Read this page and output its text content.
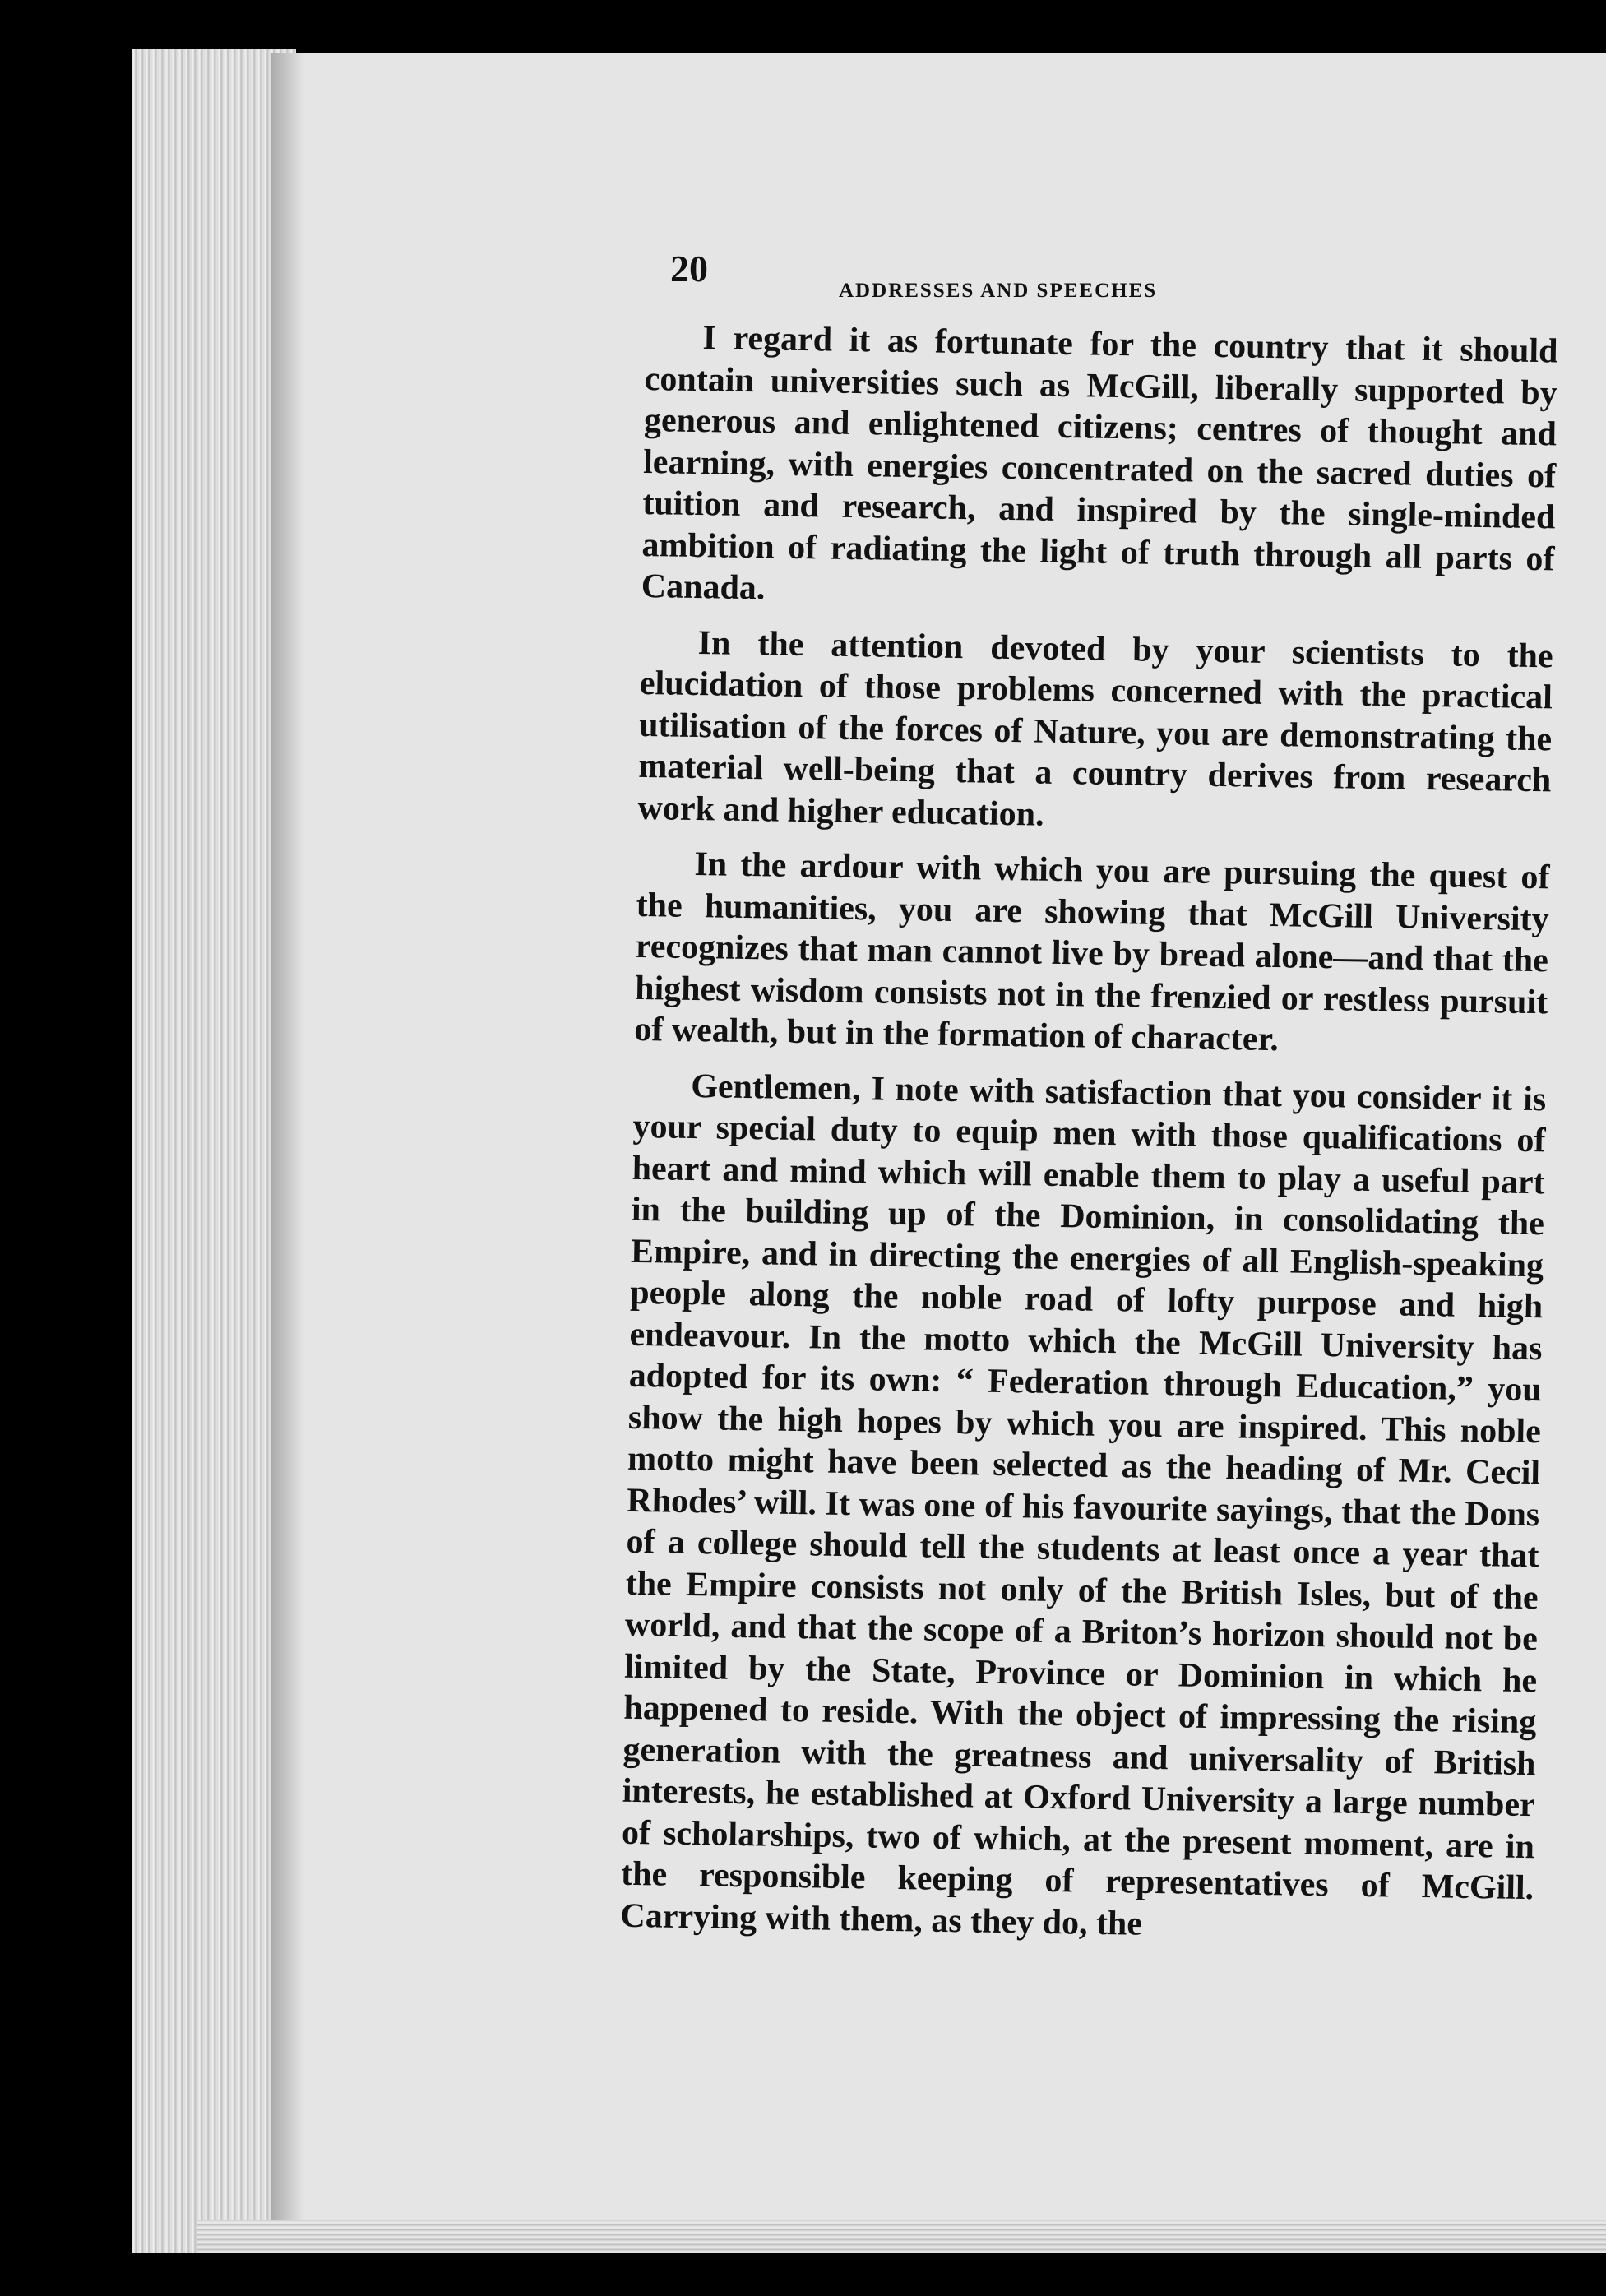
20
ADDRESSES AND SPEECHES

I regard it as fortunate for the country that it should contain universities such as McGill, liberally supported by generous and enlightened citizens; centres of thought and learning, with energies concentrated on the sacred duties of tuition and research, and inspired by the single-minded ambition of radiating the light of truth through all parts of Canada.

In the attention devoted by your scientists to the elucidation of those problems concerned with the practical utilisation of the forces of Nature, you are demonstrating the material well-being that a country derives from research work and higher education.

In the ardour with which you are pursuing the quest of the humanities, you are showing that McGill University recognizes that man cannot live by bread alone—and that the highest wisdom consists not in the frenzied or restless pursuit of wealth, but in the formation of character.

Gentlemen, I note with satisfaction that you consider it is your special duty to equip men with those qualifications of heart and mind which will enable them to play a useful part in the building up of the Dominion, in consolidating the Empire, and in directing the energies of all English-speaking people along the noble road of lofty purpose and high endeavour. In the motto which the McGill University has adopted for its own: “ Federation through Education,” you show the high hopes by which you are inspired. This noble motto might have been selected as the heading of Mr. Cecil Rhodes’ will. It was one of his favourite sayings, that the Dons of a college should tell the students at least once a year that the Empire consists not only of the British Isles, but of the world, and that the scope of a Briton’s horizon should not be limited by the State, Province or Dominion in which he happened to reside. With the object of impressing the rising generation with the greatness and universality of British interests, he established at Oxford University a large number of scholarships, two of which, at the present moment, are in the responsible keeping of representatives of McGill. Carrying with them, as they do, the
